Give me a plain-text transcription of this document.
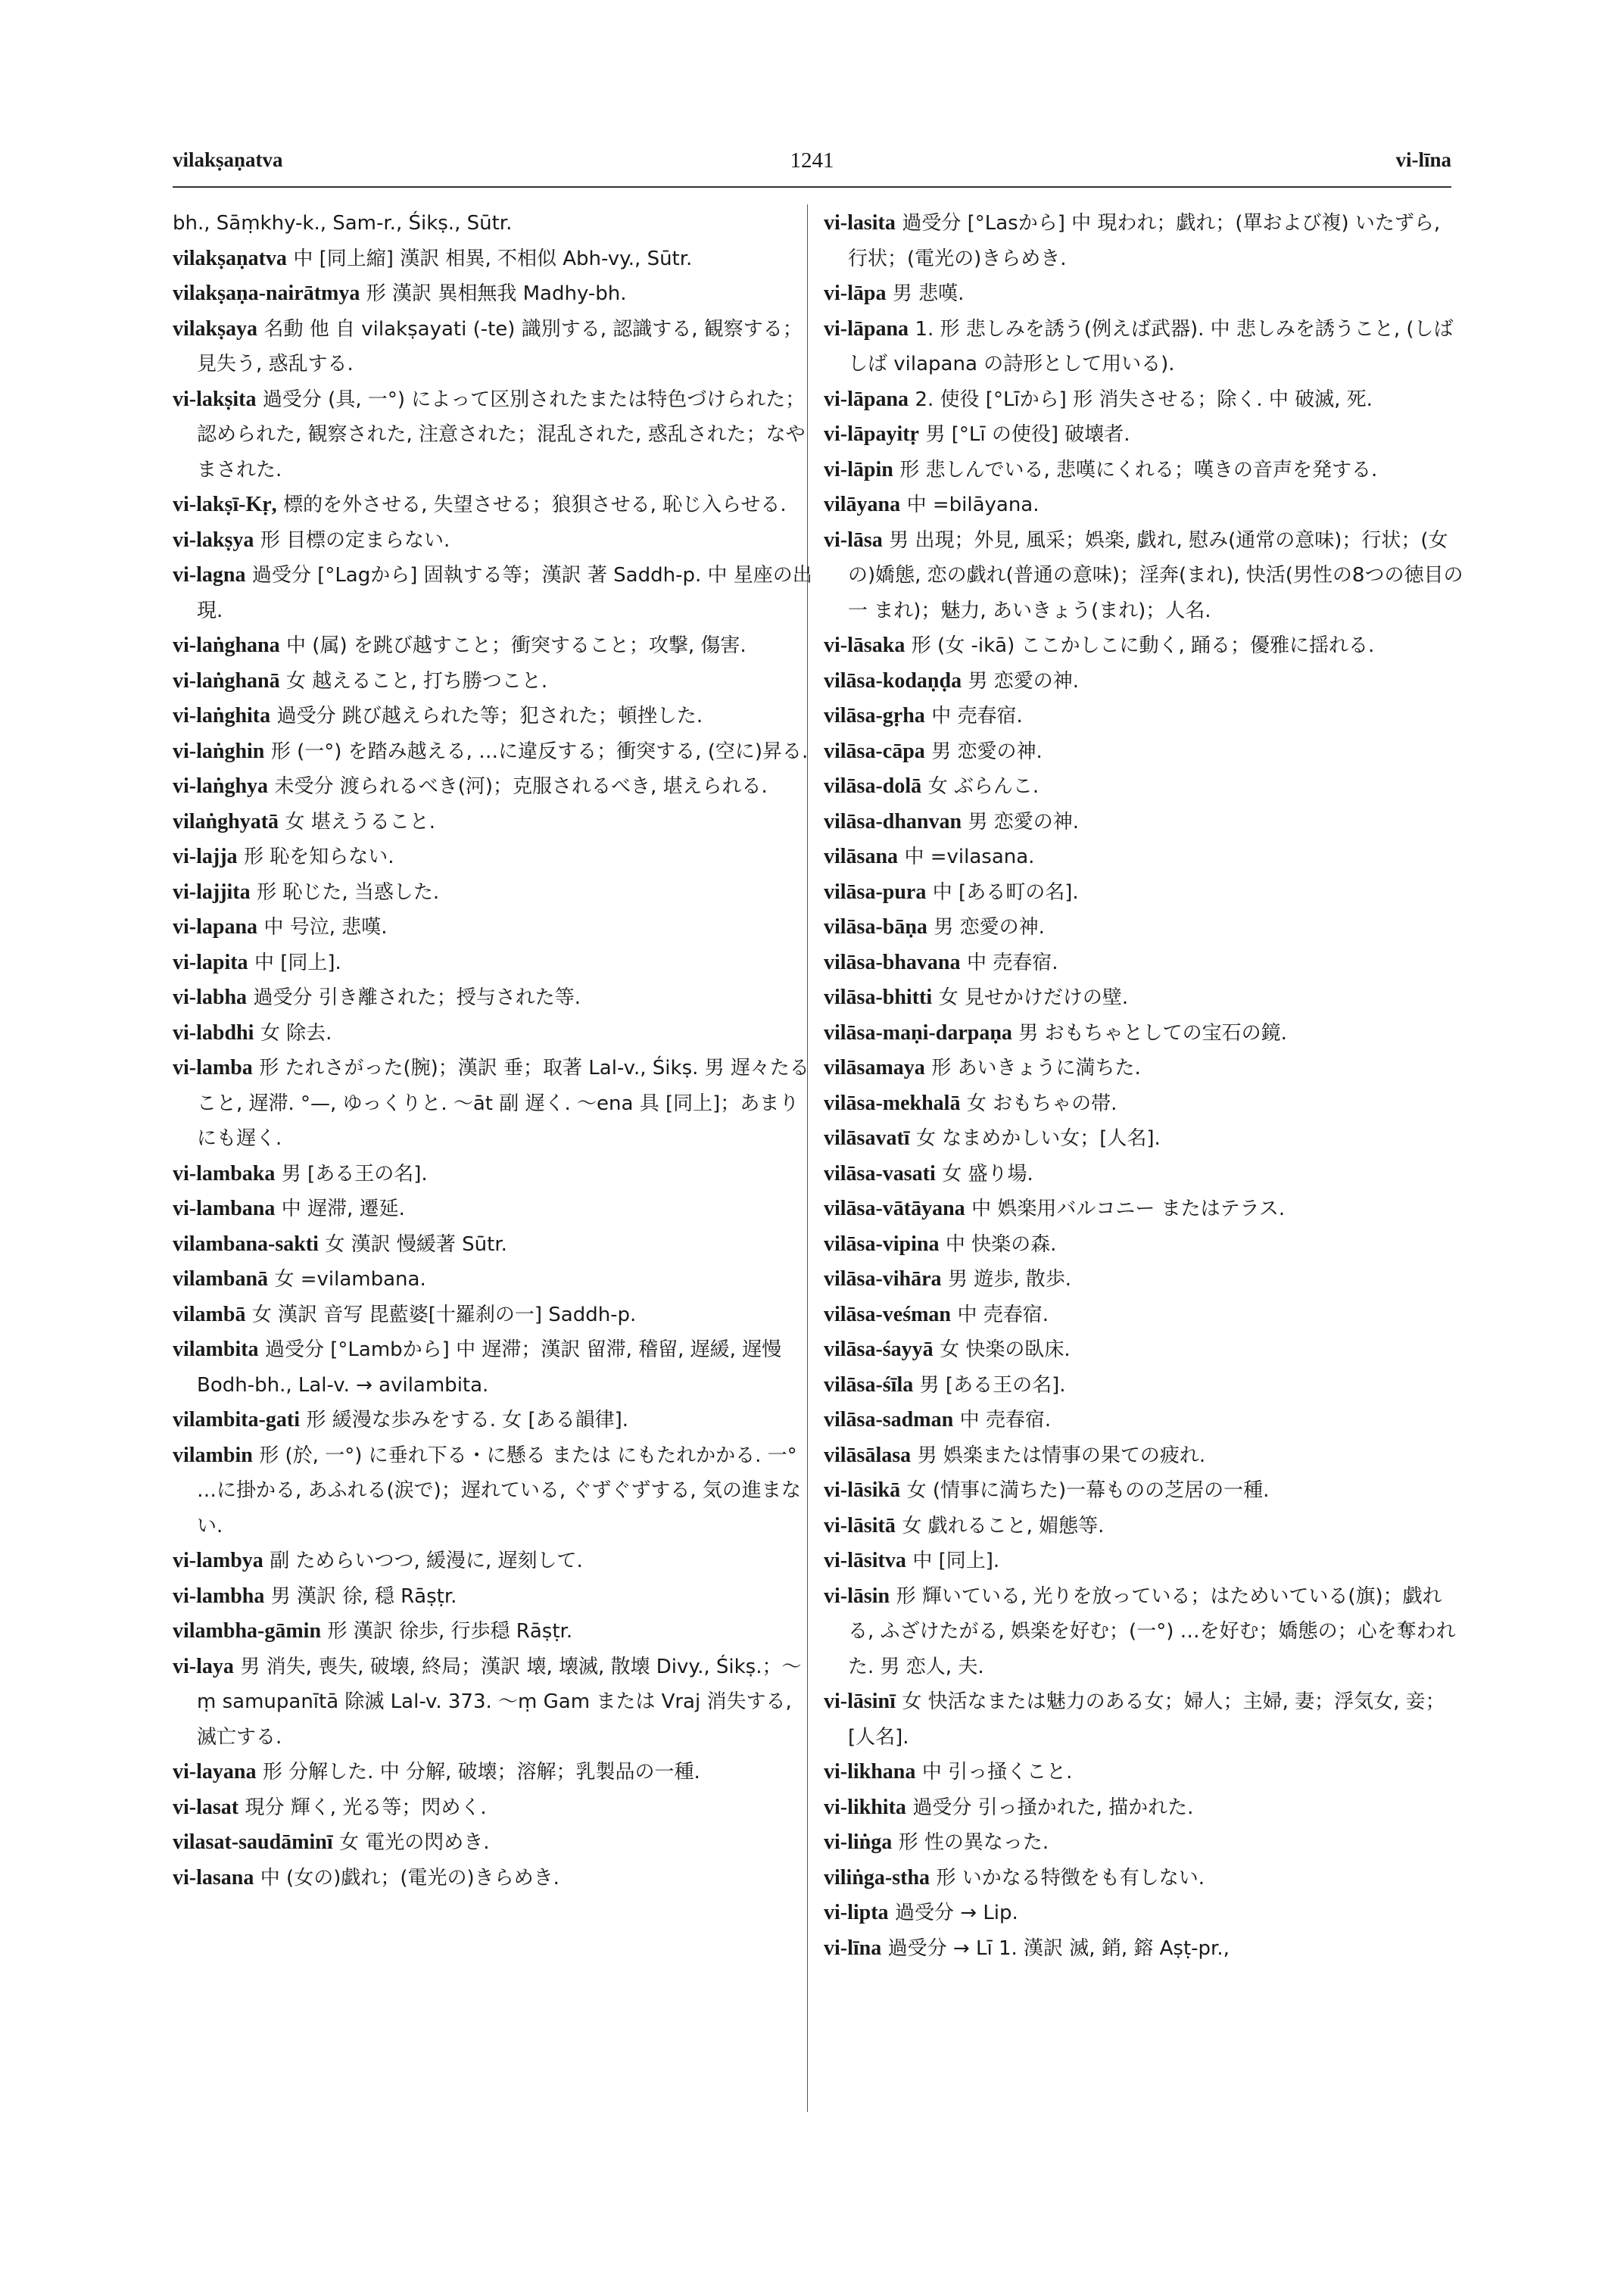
vilakṣaṇatva	1241	vi-līna

bh., Sāṃkhy-k., Sam-r., Śikṣ., Sūtr.

vilakṣaṇatva 中 [同上縮] 漢訳 相異, 不相似 Abh-vy., Sūtr.

vilakṣaṇa-nairātmya 形 漢訳 異相無我 Madhy-bh.

vilakṣaya 名動 他 自 vilakṣayati (-te) 識別する, 認識する, 観察する；見失う, 惑乱する.

vi-lakṣita 過受分 (具, 一°) によって区別されたまたは特色づけられた；認められた, 観察された, 注意された；混乱された, 惑乱された；なやまされた.

vi-lakṣī-Kṛ, 標的を外させる, 失望させる；狼狽させる, 恥じ入らせる.

vi-lakṣya 形 目標の定まらない.

vi-lagna 過受分 [°Lagから] 固執する等；漢訳 著 Saddh-p. 中 星座の出現.

vi-laṅghana 中 (属) を跳び越すこと；衝突すること；攻撃, 傷害.

vi-laṅghanā 女 越えること, 打ち勝つこと.

vi-laṅghita 過受分 跳び越えられた等；犯された；頓挫した.

vi-laṅghin 形 (一°) を踏み越える, …に違反する；衝突する, (空に)昇る.

vi-laṅghya 未受分 渡られるべき(河)；克服されるべき, 堪えられる.

vilaṅghyatā 女 堪えうること.

vi-lajja 形 恥を知らない.

vi-lajjita 形 恥じた, 当惑した.

vi-lapana 中 号泣, 悲嘆.

vi-lapita 中 [同上].

vi-labha 過受分 引き離された；授与された等.

vi-labdhi 女 除去.

vi-lamba 形 たれさがった(腕)；漢訳 垂；取著 Lal-v., Śikṣ. 男 遅々たること, 遅滞. °—, ゆっくりと. ～āt 副 遅く. ～ena 具 [同上]；あまりにも遅く.

vi-lambaka 男 [ある王の名].

vi-lambana 中 遅滞, 遷延.

vilambana-sakti 女 漢訳 慢緩著 Sūtr.

vilambanā 女 =vilambana.

vilambā 女 漢訳 音写 毘藍婆[十羅刹の一] Saddh-p.

vilambita 過受分 [°Lambから] 中 遅滞；漢訳 留滞, 稽留, 遅緩, 遅慢 Bodh-bh., Lal-v. → avilambita.

vilambita-gati 形 緩漫な歩みをする. 女 [ある韻律].

vilambin 形 (於, 一°) に垂れ下る・に懸る または にもたれかかる. 一° …に掛かる, あふれる(涙で)；遅れている, ぐずぐずする, 気の進まない.

vi-lambya 副 ためらいつつ, 緩漫に, 遅刻して.

vi-lambha 男 漢訳 徐, 穏 Rāṣṭr.

vilambha-gāmin 形 漢訳 徐歩, 行歩穏 Rāṣṭr.

vi-laya 男 消失, 喪失, 破壊, 終局；漢訳 壊, 壊滅, 散壊 Divy., Śikṣ.；～ṃ samupanītā 除滅 Lal-v. 373. ～ṃ Gam または Vraj 消失する, 滅亡する.

vi-layana 形 分解した. 中 分解, 破壊；溶解；乳製品の一種.

vi-lasat 現分 輝く, 光る等；閃めく.

vilasat-saudāminī 女 電光の閃めき.

vi-lasana 中 (女の)戯れ；(電光の)きらめき.

vi-lasita 過受分 [°Lasから] 中 現われ；戯れ；(單および複) いたずら, 行状；(電光の)きらめき.

vi-lāpa 男 悲嘆.

vi-lāpana 1. 形 悲しみを誘う(例えば武器). 中 悲しみを誘うこと, (しばしば vilapana の詩形として用いる).

vi-lāpana 2. 使役 [°Līから] 形 消失させる；除く. 中 破滅, 死.

vi-lāpayitṛ 男 [°Lī の使役] 破壊者.

vi-lāpin 形 悲しんでいる, 悲嘆にくれる；嘆きの音声を発する.

vilāyana 中 =bilāyana.

vi-lāsa 男 出現；外見, 風采；娯楽, 戯れ, 慰み(通常の意味)；行状；(女の)嬌態, 恋の戯れ(普通の意味)；淫奔(まれ), 快活(男性の8つの徳目の一 まれ)；魅力, あいきょう(まれ)；人名.

vi-lāsaka 形 (女 -ikā) ここかしこに動く, 踊る；優雅に揺れる.

vilāsa-kodaṇḍa 男 恋愛の神.

vilāsa-gṛha 中 売春宿.

vilāsa-cāpa 男 恋愛の神.

vilāsa-dolā 女 ぶらんこ.

vilāsa-dhanvan 男 恋愛の神.

vilāsana 中 =vilasana.

vilāsa-pura 中 [ある町の名].

vilāsa-bāṇa 男 恋愛の神.

vilāsa-bhavana 中 売春宿.

vilāsa-bhitti 女 見せかけだけの壁.

vilāsa-maṇi-darpaṇa 男 おもちゃとしての宝石の鏡.

vilāsamaya 形 あいきょうに満ちた.

vilāsa-mekhalā 女 おもちゃの帯.

vilāsavatī 女 なまめかしい女；[人名].

vilāsa-vasati 女 盛り場.

vilāsa-vātāyana 中 娯楽用バルコニー またはテラス.

vilāsa-vipina 中 快楽の森.

vilāsa-vihāra 男 遊歩, 散歩.

vilāsa-veśman 中 売春宿.

vilāsa-śayyā 女 快楽の臥床.

vilāsa-śīla 男 [ある王の名].

vilāsa-sadman 中 売春宿.

vilāsālasa 男 娯楽または情事の果ての疲れ.

vi-lāsikā 女 (情事に満ちた)一幕ものの芝居の一種.

vi-lāsitā 女 戯れること, 媚態等.

vi-lāsitva 中 [同上].

vi-lāsin 形 輝いている, 光りを放っている；はためいている(旗)；戯れる, ふざけたがる, 娯楽を好む；(一°) …を好む；嬌態の；心を奪われた. 男 恋人, 夫.

vi-lāsinī 女 快活なまたは魅力のある女；婦人；主婦, 妻；浮気女, 妾；[人名].

vi-likhana 中 引っ掻くこと.

vi-likhita 過受分 引っ掻かれた, 描かれた.

vi-liṅga 形 性の異なった.

viliṅga-stha 形 いかなる特徴をも有しない.

vi-lipta 過受分 → Lip.

vi-līna 過受分 → Lī 1. 漢訳 滅, 銷, 鎔 Aṣṭ-pr.,
